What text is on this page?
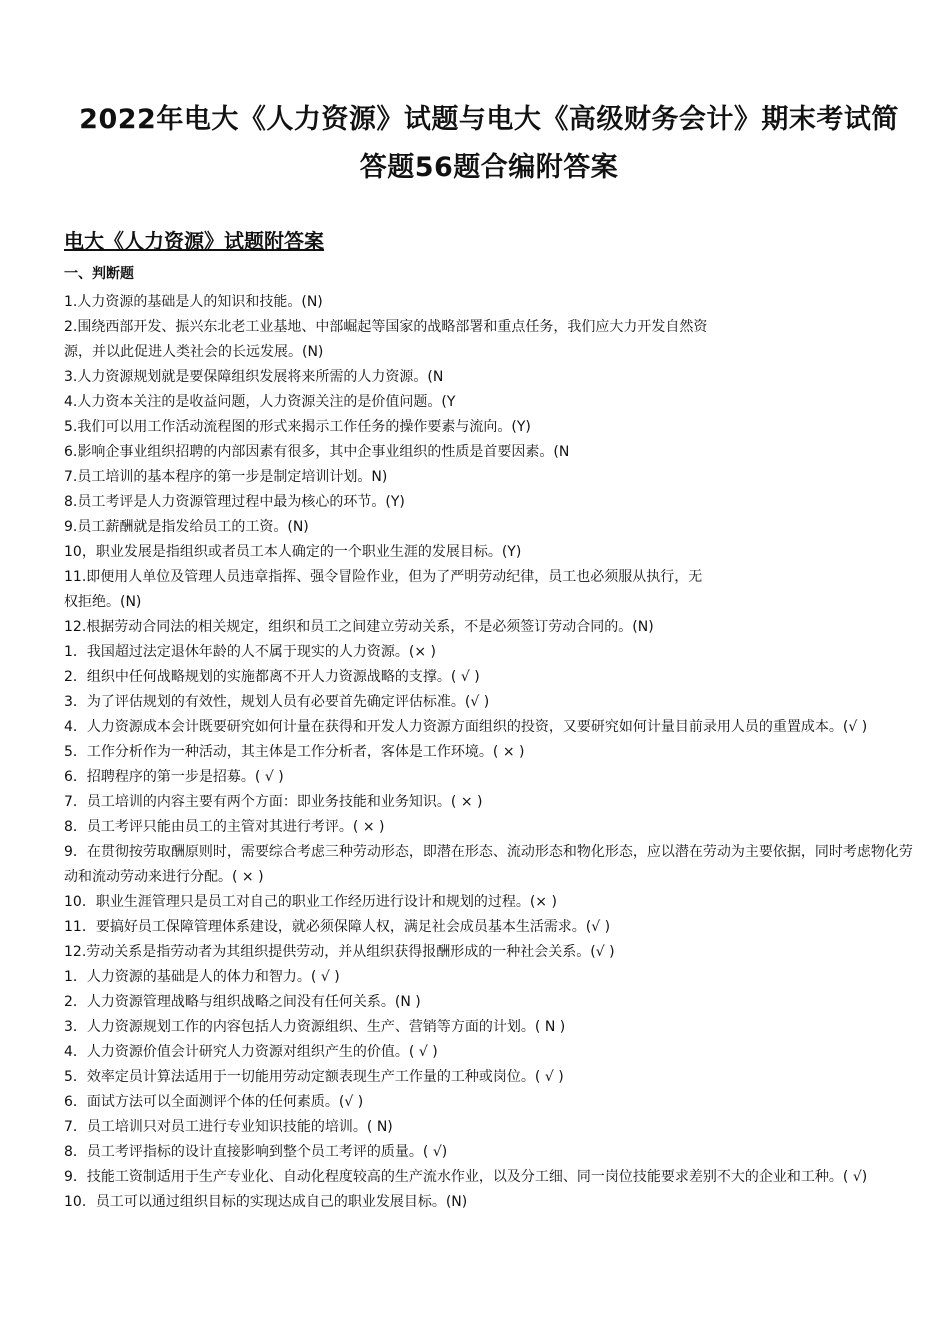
2022年电大《人力资源》试题与电大《高级财务会计》期末考试简
答题56题合编附答案
电大《人力资源》试题附答案
一、判断题

1.人力资源的基础是人的知识和技能。(N)

2.围绕西部开发、振兴东北老工业基地、中部崛起等国家的战略部署和重点任务，我们应大力开发自然资源，并以此促进人类社会的长远发展。(N)

3.人力资源规划就是要保障组织发展将来所需的人力资源。(N

4.人力资本关注的是收益问题，人力资源关注的是价值问题。(Y

5.我们可以用工作活动流程图的形式来揭示工作任务的操作要素与流向。(Y)

6.影响企事业组织招聘的内部因素有很多，其中企事业组织的性质是首要因素。(N

7.员工培训的基本程序的第一步是制定培训计划。N)

8.员工考评是人力资源管理过程中最为核心的环节。(Y)

9.员工薪酬就是指发给员工的工资。(N)

10，职业发展是指组织或者员工本人确定的一个职业生涯的发展目标。(Y)

11.即便用人单位及管理人员违章指挥、强令冒险作业，但为了严明劳动纪律，员工也必须服从执行，无权拒绝。(N)

12.根据劳动合同法的相关规定，组织和员工之间建立劳动关系，不是必须签订劳动合同的。(N)

1．我国超过法定退休年龄的人不属于现实的人力资源。(× )

2．组织中任何战略规划的实施都离不开人力资源战略的支撑。( √ )

3．为了评估规划的有效性，规划人员有必要首先确定评估标准。(√ )

4．人力资源成本会计既要研究如何计量在获得和开发人力资源方面组织的投资，又要研究如何计量目前录用人员的重置成本。(√ )

5．工作分析作为一种活动，其主体是工作分析者，客体是工作环境。( × )

6．招聘程序的第一步是招募。( √ )

7．员工培训的内容主要有两个方面：即业务技能和业务知识。( × )

8．员工考评只能由员工的主管对其进行考评。( × )

9．在贯彻按劳取酬原则时，需要综合考虑三种劳动形态，即潜在形态、流动形态和物化形态，应以潜在劳动为主要依据，同时考虑物化劳动和流动劳动来进行分配。( × )

10．职业生涯管理只是员工对自己的职业工作经历进行设计和规划的过程。(× )

11．要搞好员工保障管理体系建设，就必须保障人权，满足社会成员基本生活需求。(√ )

12.劳动关系是指劳动者为其组织提供劳动，并从组织获得报酬形成的一种社会关系。(√ )

1．人力资源的基础是人的体力和智力。( √ )

2．人力资源管理战略与组织战略之间没有任何关系。(N )

3．人力资源规划工作的内容包括人力资源组织、生产、营销等方面的计划。( N )

4．人力资源价值会计研究人力资源对组织产生的价值。( √ )

5．效率定员计算法适用于一切能用劳动定额表现生产工作量的工种或岗位。( √ )

6．面试方法可以全面测评个体的任何素质。(√ )

7．员工培训只对员工进行专业知识技能的培训。( N)

8．员工考评指标的设计直接影响到整个员工考评的质量。( √)

9．技能工资制适用于生产专业化、自动化程度较高的生产流水作业，以及分工细、同一岗位技能要求差别不大的企业和工种。( √)

10．员工可以通过组织目标的实现达成自己的职业发展目标。(N)
